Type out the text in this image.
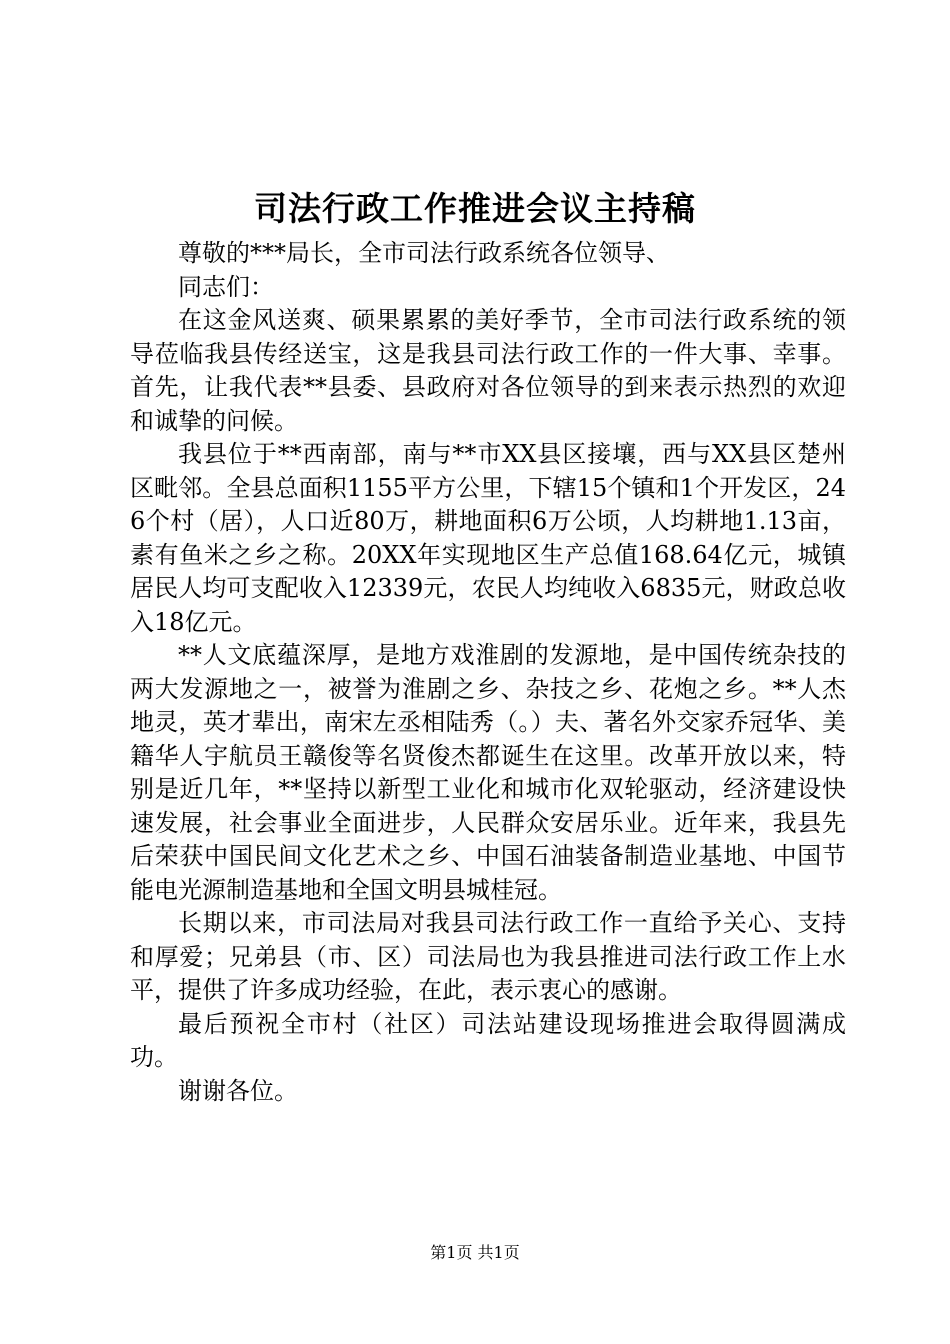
司法行政工作推进会议主持稿

尊敬的***局长，全市司法行政系统各位领导、

同志们：

在这金风送爽、硕果累累的美好季节，全市司法行政系统的领导莅临我县传经送宝，这是我县司法行政工作的一件大事、幸事。首先，让我代表**县委、县政府对各位领导的到来表示热烈的欢迎和诚挚的问候。

我县位于**西南部，南与**市XX县区接壤，西与XX县区楚州区毗邻。全县总面积1155平方公里，下辖15个镇和1个开发区，246个村（居），人口近80万，耕地面积6万公顷，人均耕地1.13亩，素有鱼米之乡之称。20XX年实现地区生产总值168.64亿元，城镇居民人均可支配收入12339元，农民人均纯收入6835元，财政总收入18亿元。

**人文底蕴深厚，是地方戏淮剧的发源地，是中国传统杂技的两大发源地之一，被誉为淮剧之乡、杂技之乡、花炮之乡。**人杰地灵，英才辈出，南宋左丞相陆秀（。）夫、著名外交家乔冠华、美籍华人宇航员王赣俊等名贤俊杰都诞生在这里。改革开放以来，特别是近几年，**坚持以新型工业化和城市化双轮驱动，经济建设快速发展，社会事业全面进步，人民群众安居乐业。近年来，我县先后荣获中国民间文化艺术之乡、中国石油装备制造业基地、中国节能电光源制造基地和全国文明县城桂冠。

长期以来，市司法局对我县司法行政工作一直给予关心、支持和厚爱；兄弟县（市、区）司法局也为我县推进司法行政工作上水平，提供了许多成功经验，在此，表示衷心的感谢。

最后预祝全市村（社区）司法站建设现场推进会取得圆满成功。

谢谢各位。

第1页 共1页
